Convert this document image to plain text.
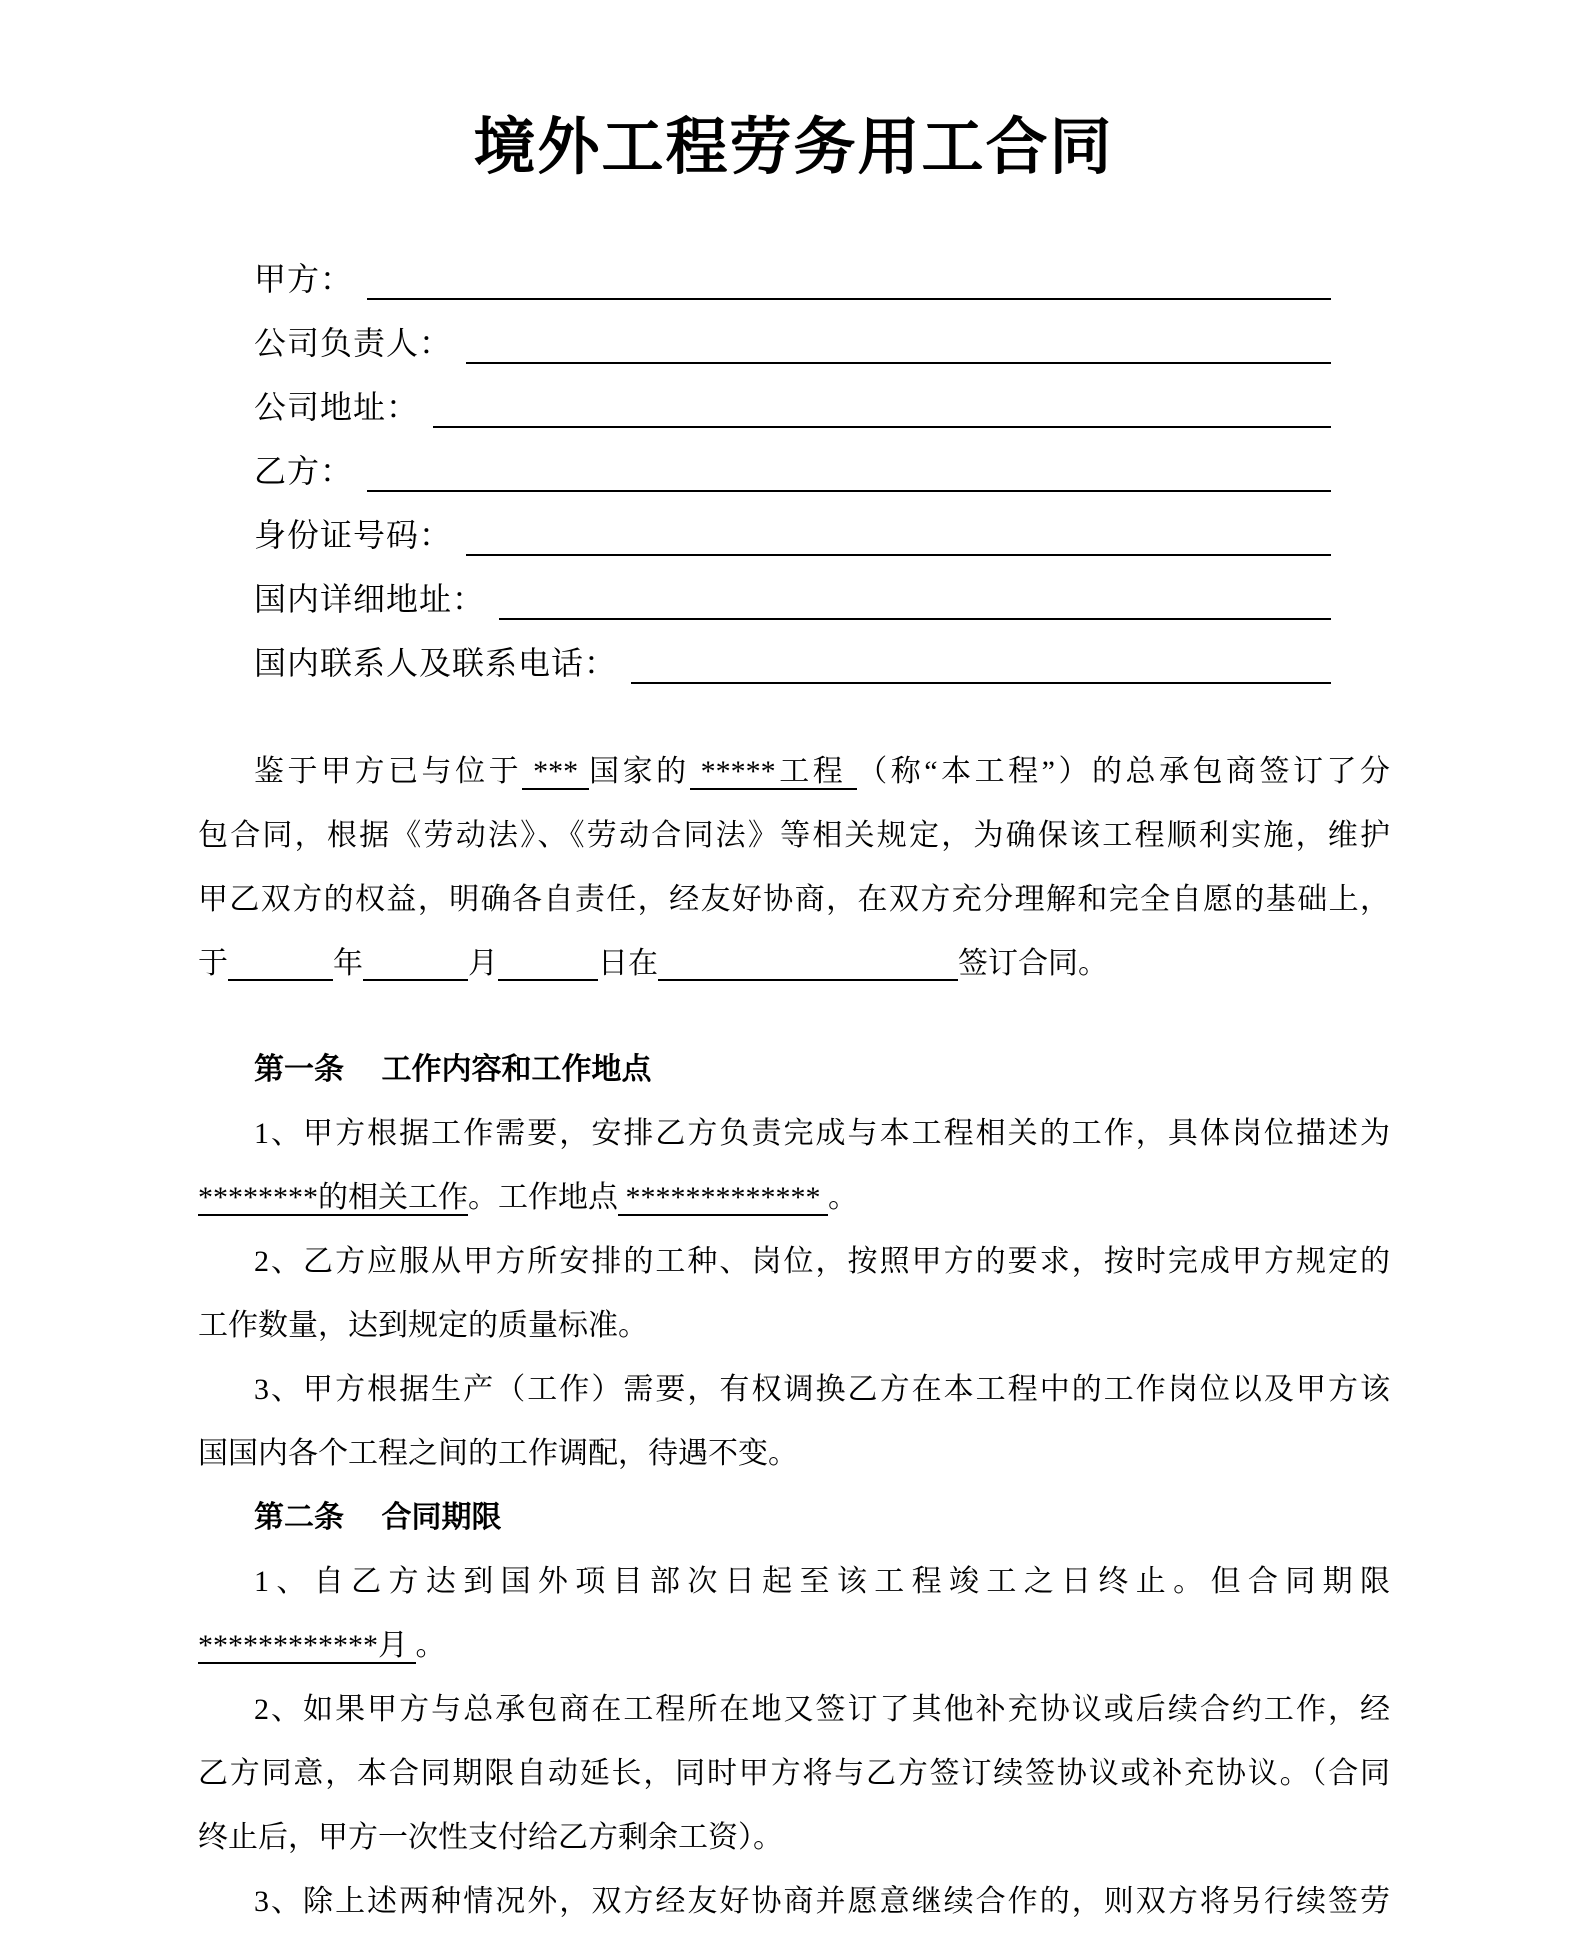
境外工程劳务用工合同
甲方：
公司负责人：
公司地址：
乙方：
身份证号码：
国内详细地址：
国内联系人及联系电话：
鉴于甲方已与位于 *** 国家的 *****工程 （称“本工程”）的总承包商签订了分
包合同，根据《劳动法》、《劳动合同法》等相关规定，为确保该工程顺利实施，维护
甲乙双方的权益，明确各自责任，经友好协商，在双方充分理解和完全自愿的基础上，
于	年	月	日在	签订合同。
第一条　 工作内容和工作地点
1、甲方根据工作需要，安排乙方负责完成与本工程相关的工作，具体岗位描述为
********的相关工作。工作地点 ************* 。
2、乙方应服从甲方所安排的工种、岗位，按照甲方的要求，按时完成甲方规定的
工作数量，达到规定的质量标准。
3、甲方根据生产（工作）需要，有权调换乙方在本工程中的工作岗位以及甲方该
国国内各个工程之间的工作调配，待遇不变。
第二条　 合同期限
1、自乙方达到国外项目部次日起至该工程竣工之日终止。但合同期限
************月 。
2、如果甲方与总承包商在工程所在地又签订了其他补充协议或后续合约工作，经
乙方同意，本合同期限自动延长，同时甲方将与乙方签订续签协议或补充协议。（合同
终止后，甲方一次性支付给乙方剩余工资）。
3、除上述两种情况外，双方经友好协商并愿意继续合作的，则双方将另行续签劳
